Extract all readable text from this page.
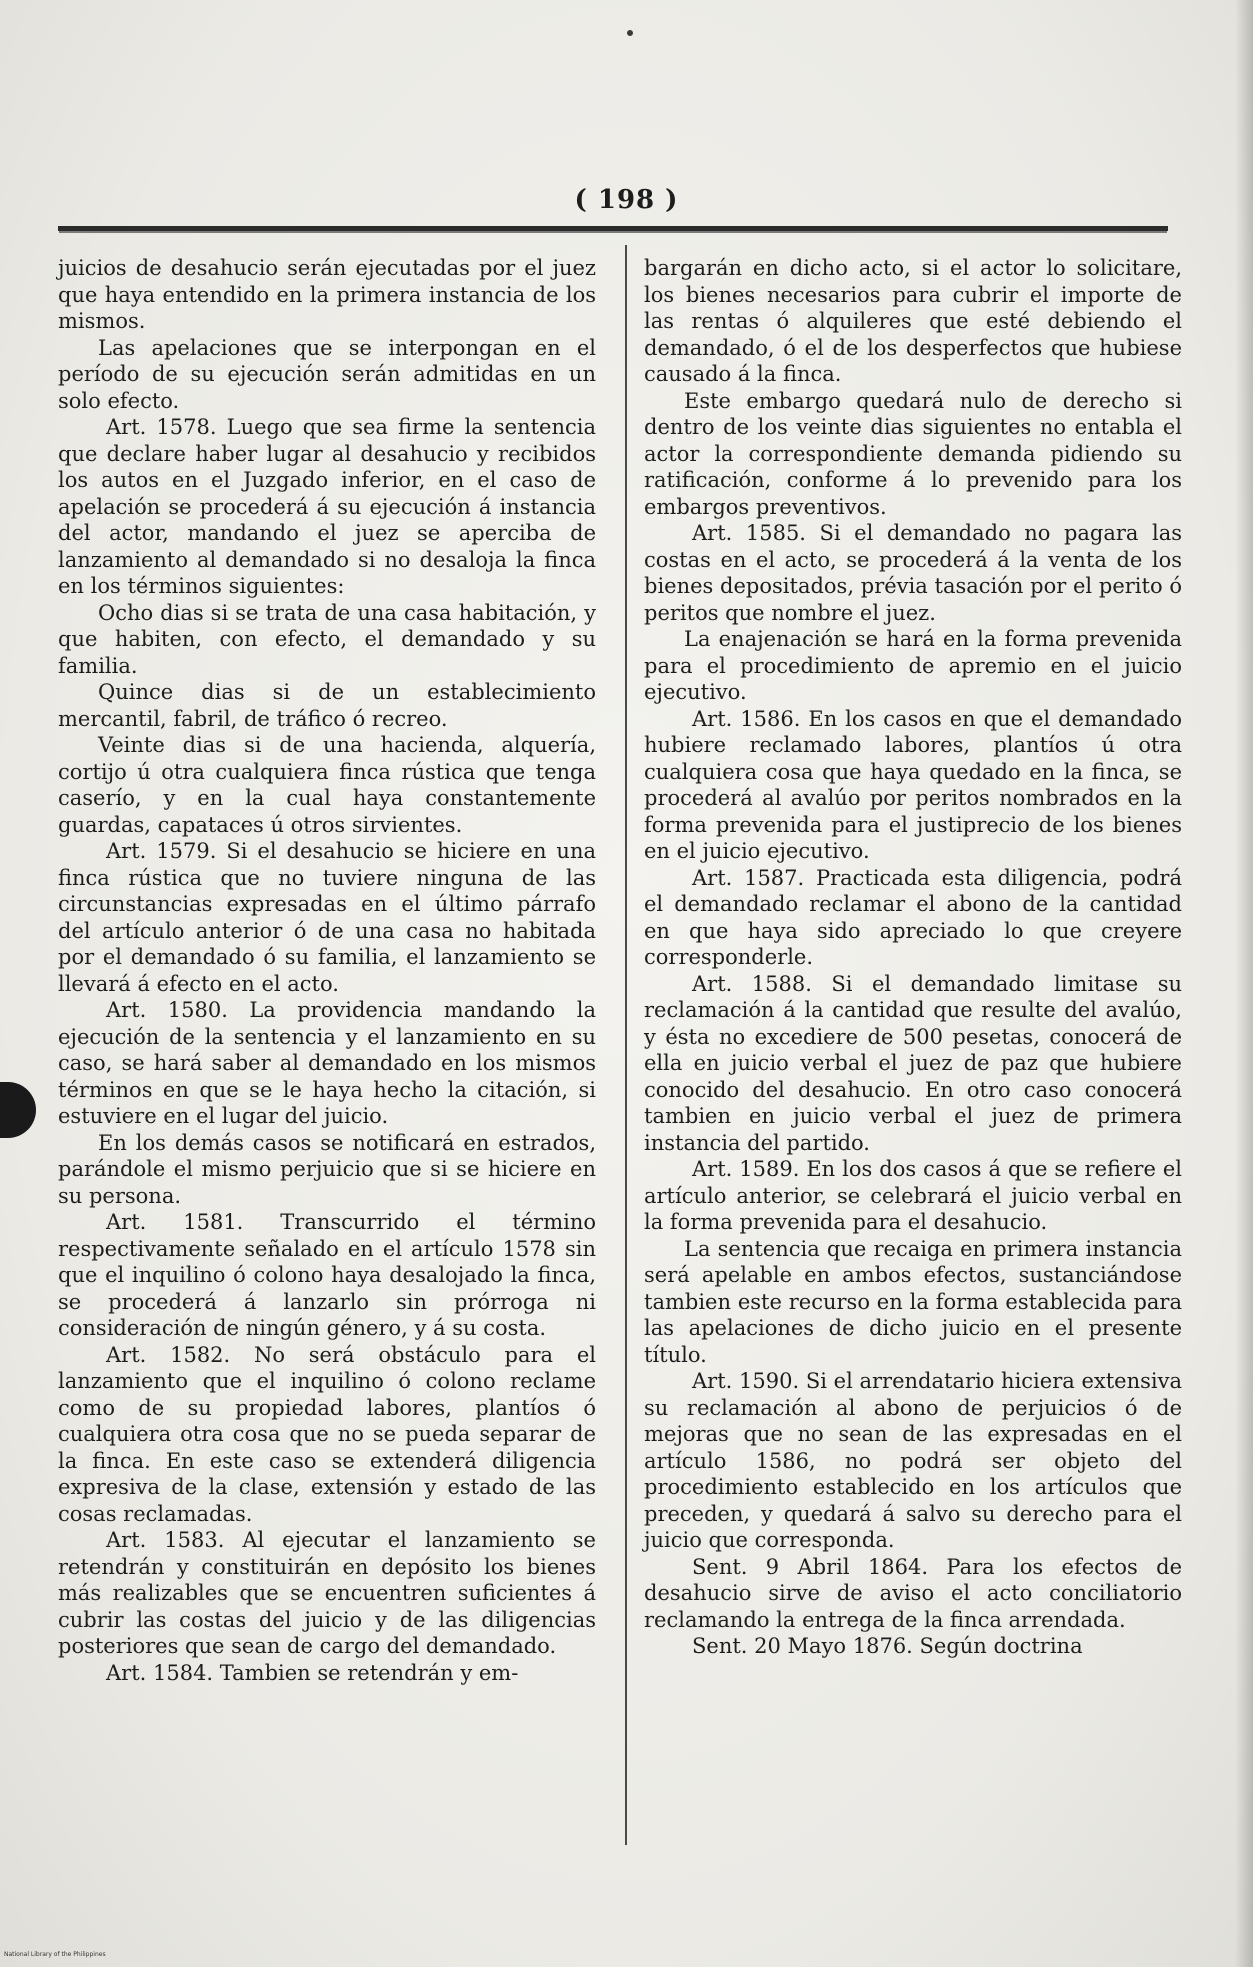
( 198 )

juicios de desahucio serán ejecutadas por el juez que haya entendido en la primera instancia de los mismos.

Las apelaciones que se interpongan en el período de su ejecución serán admitidas en un solo efecto.

Art. 1578. Luego que sea firme la sentencia que declare haber lugar al desahucio y recibidos los autos en el Juzgado inferior, en el caso de apelación se procederá á su ejecución á instancia del actor, mandando el juez se aperciba de lanzamiento al demandado si no desaloja la finca en los términos siguientes:

Ocho dias si se trata de una casa habitación, y que habiten, con efecto, el demandado y su familia.

Quince dias si de un establecimiento mercantil, fabril, de tráfico ó recreo.

Veinte dias si de una hacienda, alquería, cortijo ú otra cualquiera finca rústica que tenga caserío, y en la cual haya constantemente guardas, capataces ú otros sirvientes.

Art. 1579. Si el desahucio se hiciere en una finca rústica que no tuviere ninguna de las circunstancias expresadas en el último párrafo del artículo anterior ó de una casa no habitada por el demandado ó su familia, el lanzamiento se llevará á efecto en el acto.

Art. 1580. La providencia mandando la ejecución de la sentencia y el lanzamiento en su caso, se hará saber al demandado en los mismos términos en que se le haya hecho la citación, si estuviere en el lugar del juicio.

En los demás casos se notificará en estrados, parándole el mismo perjuicio que si se hiciere en su persona.

Art. 1581. Transcurrido el término respectivamente señalado en el artículo 1578 sin que el inquilino ó colono haya desalojado la finca, se procederá á lanzarlo sin prórroga ni consideración de ningún género, y á su costa.

Art. 1582. No será obstáculo para el lanzamiento que el inquilino ó colono reclame como de su propiedad labores, plantíos ó cualquiera otra cosa que no se pueda separar de la finca. En este caso se extenderá diligencia expresiva de la clase, extensión y estado de las cosas reclamadas.

Art. 1583. Al ejecutar el lanzamiento se retendrán y constituirán en depósito los bienes más realizables que se encuentren suficientes á cubrir las costas del juicio y de las diligencias posteriores que sean de cargo del demandado.

Art. 1584. Tambien se retendrán y em-

bargarán en dicho acto, si el actor lo solicitare, los bienes necesarios para cubrir el importe de las rentas ó alquileres que esté debiendo el demandado, ó el de los desperfectos que hubiese causado á la finca.

Este embargo quedará nulo de derecho si dentro de los veinte dias siguientes no entabla el actor la correspondiente demanda pidiendo su ratificación, conforme á lo prevenido para los embargos preventivos.

Art. 1585. Si el demandado no pagara las costas en el acto, se procederá á la venta de los bienes depositados, prévia tasación por el perito ó peritos que nombre el juez.

La enajenación se hará en la forma prevenida para el procedimiento de apremio en el juicio ejecutivo.

Art. 1586. En los casos en que el demandado hubiere reclamado labores, plantíos ú otra cualquiera cosa que haya quedado en la finca, se procederá al avalúo por peritos nombrados en la forma prevenida para el justiprecio de los bienes en el juicio ejecutivo.

Art. 1587. Practicada esta diligencia, podrá el demandado reclamar el abono de la cantidad en que haya sido apreciado lo que creyere corresponderle.

Art. 1588. Si el demandado limitase su reclamación á la cantidad que resulte del avalúo, y ésta no excediere de 500 pesetas, conocerá de ella en juicio verbal el juez de paz que hubiere conocido del desahucio. En otro caso conocerá tambien en juicio verbal el juez de primera instancia del partido.

Art. 1589. En los dos casos á que se refiere el artículo anterior, se celebrará el juicio verbal en la forma prevenida para el desahucio.

La sentencia que recaiga en primera instancia será apelable en ambos efectos, sustanciándose tambien este recurso en la forma establecida para las apelaciones de dicho juicio en el presente título.

Art. 1590. Si el arrendatario hiciera extensiva su reclamación al abono de perjuicios ó de mejoras que no sean de las expresadas en el artículo 1586, no podrá ser objeto del procedimiento establecido en los artículos que preceden, y quedará á salvo su derecho para el juicio que corresponda.

Sent. 9 Abril 1864. Para los efectos de desahucio sirve de aviso el acto conciliatorio reclamando la entrega de la finca arrendada.

Sent. 20 Mayo 1876. Según doctrina

National Library of the Philippines
